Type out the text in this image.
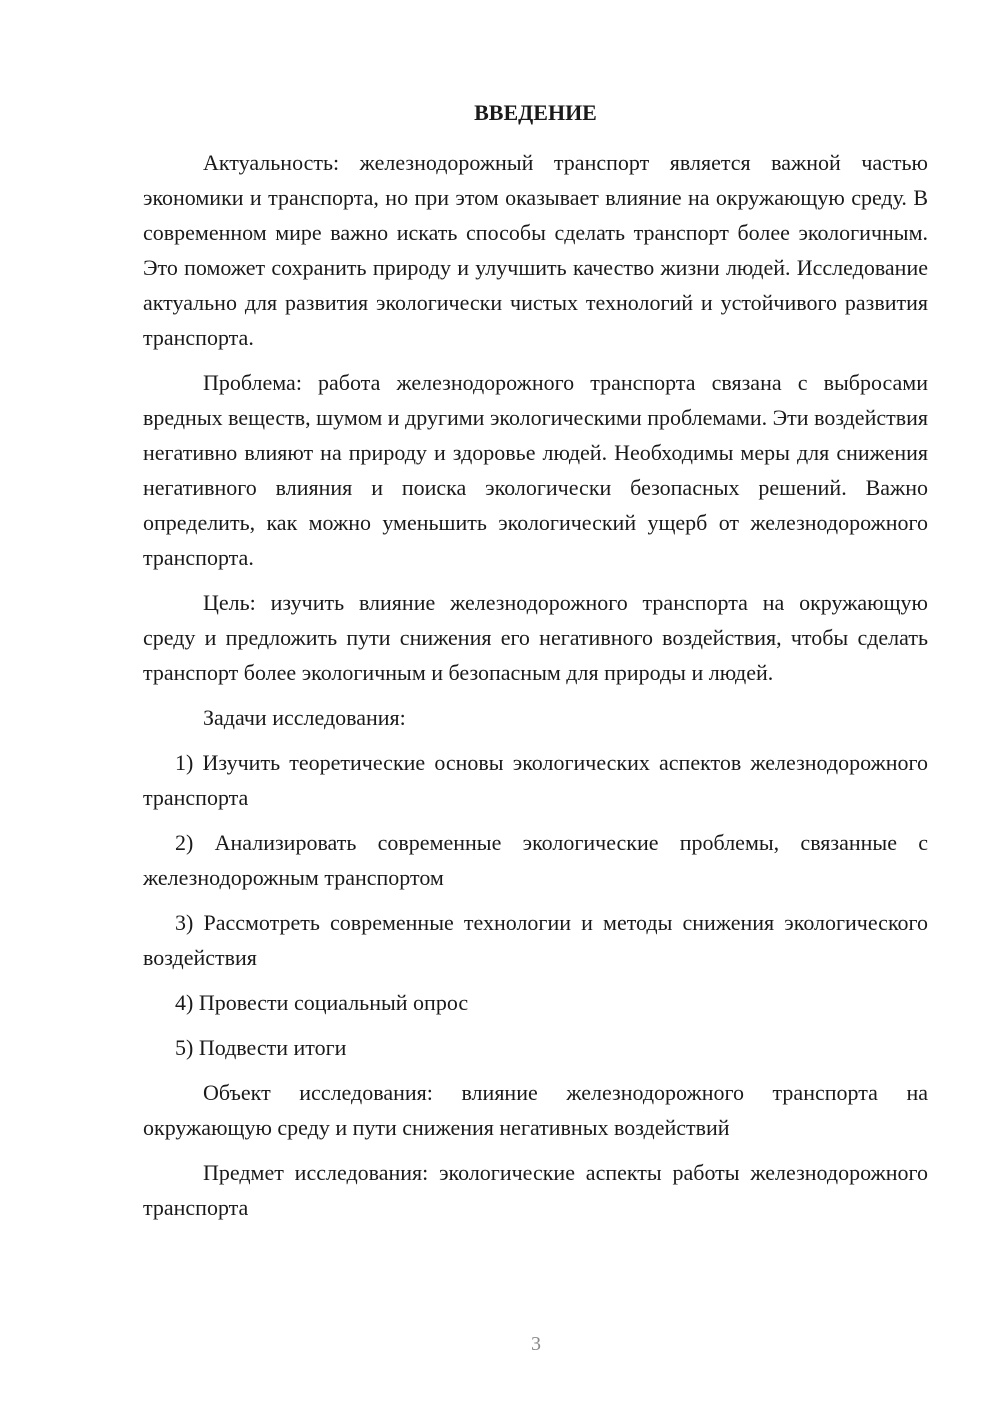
ВВЕДЕНИЕ

Актуальность: железнодорожный транспорт является важной частью экономики и транспорта, но при этом оказывает влияние на окружающую среду. В современном мире важно искать способы сделать транспорт более экологичным. Это поможет сохранить природу и улучшить качество жизни людей. Исследование актуально для развития экологически чистых технологий и устойчивого развития транспорта.

Проблема: работа железнодорожного транспорта связана с выбросами вредных веществ, шумом и другими экологическими проблемами. Эти воздействия негативно влияют на природу и здоровье людей. Необходимы меры для снижения негативного влияния и поиска экологически безопасных решений. Важно определить, как можно уменьшить экологический ущерб от железнодорожного транспорта.

Цель: изучить влияние железнодорожного транспорта на окружающую среду и предложить пути снижения его негативного воздействия, чтобы сделать транспорт более экологичным и безопасным для природы и людей.

Задачи исследования:

1) Изучить теоретические основы экологических аспектов железнодорожного транспорта

2) Анализировать современные экологические проблемы, связанные с железнодорожным транспортом

3) Рассмотреть современные технологии и методы снижения экологического воздействия

4) Провести социальный опрос

5) Подвести итоги

Объект исследования: влияние железнодорожного транспорта на окружающую среду и пути снижения негативных воздействий

Предмет исследования: экологические аспекты работы железнодорожного транспорта

3
